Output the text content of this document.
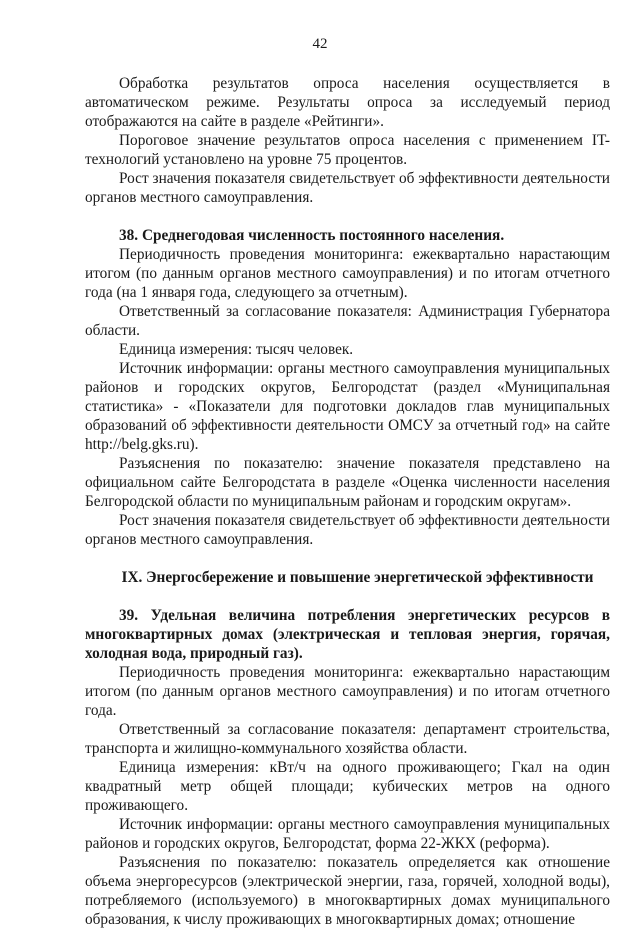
42

Обработка результатов опроса населения осуществляется в автоматическом режиме. Результаты опроса за исследуемый период отображаются на сайте в разделе «Рейтинги».

Пороговое значение результатов опроса населения с применением IT-технологий установлено на уровне 75 процентов.

Рост значения показателя свидетельствует об эффективности деятельности органов местного самоуправления.

38. Среднегодовая численность постоянного населения.

Периодичность проведения мониторинга: ежеквартально нарастающим итогом (по данным органов местного самоуправления) и по итогам отчетного года (на 1 января года, следующего за отчетным).

Ответственный за согласование показателя: Администрация Губернатора области.

Единица измерения: тысяч человек.

Источник информации: органы местного самоуправления муниципальных районов и городских округов, Белгородстат (раздел «Муниципальная статистика» - «Показатели для подготовки докладов глав муниципальных образований об эффективности деятельности ОМСУ за отчетный год» на сайте http://belg.gks.ru).

Разъяснения по показателю: значение показателя представлено на официальном сайте Белгородстата в разделе «Оценка численности населения Белгородской области по муниципальным районам и городским округам».

Рост значения показателя свидетельствует об эффективности деятельности органов местного самоуправления.

IX. Энергосбережение и повышение энергетической эффективности

39. Удельная величина потребления энергетических ресурсов в многоквартирных домах (электрическая и тепловая энергия, горячая, холодная вода, природный газ).

Периодичность проведения мониторинга: ежеквартально нарастающим итогом (по данным органов местного самоуправления) и по итогам отчетного года.

Ответственный за согласование показателя: департамент строительства, транспорта и жилищно-коммунального хозяйства области.

Единица измерения: кВт/ч на одного проживающего; Гкал на один квадратный метр общей площади; кубических метров на одного проживающего.

Источник информации: органы местного самоуправления муниципальных районов и городских округов, Белгородстат, форма 22-ЖКХ (реформа).

Разъяснения по показателю: показатель определяется как отношение объема энергоресурсов (электрической энергии, газа, горячей, холодной воды), потребляемого (используемого) в многоквартирных домах муниципального образования, к числу проживающих в многоквартирных домах; отношение
